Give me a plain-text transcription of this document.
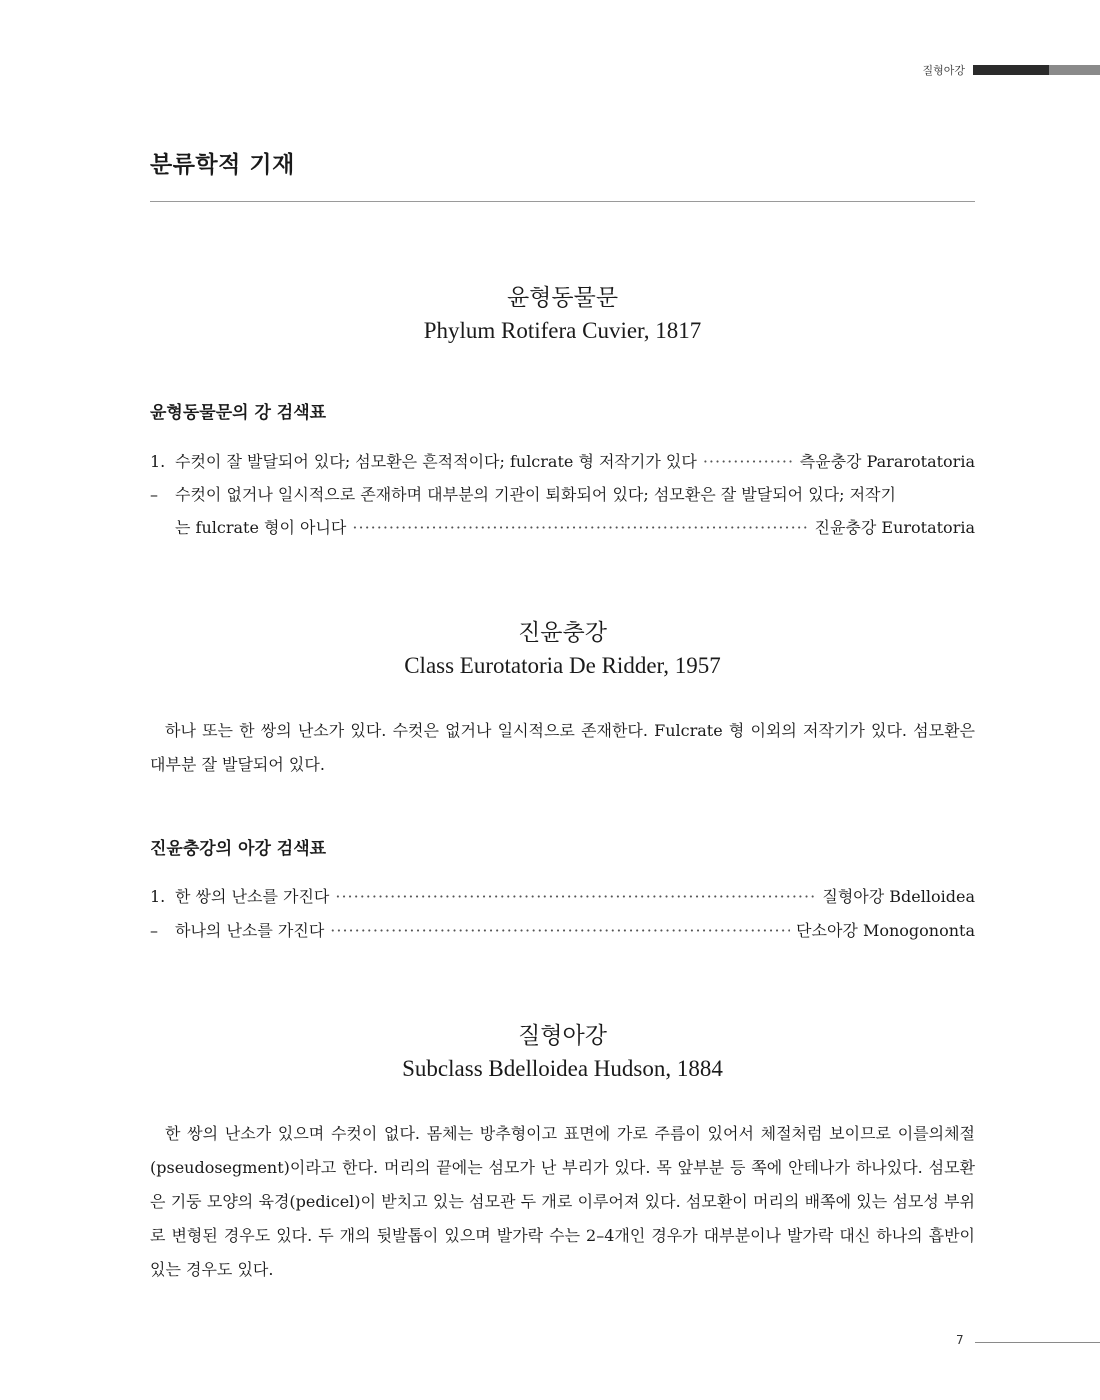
질형아강
분류학적 기재
윤형동물문
Phylum Rotifera Cuvier, 1817
윤형동물문의 강 검색표
1. 수컷이 잘 발달되어 있다; 섬모환은 흔적적이다; fulcrate 형 저작기가 있다 ·····	측윤충강 Pararotatoria
–	수컷이 없거나 일시적으로 존재하며 대부분의 기관이 퇴화되어 있다; 섬모환은 잘 발달되어 있다; 저작기
는 fulcrate 형이 아니다 ·····	진윤충강 Eurotatoria
진윤충강
Class Eurotatoria De Ridder, 1957

하나 또는 한 쌍의 난소가 있다. 수컷은 없거나 일시적으로 존재한다. Fulcrate 형 이외의 저작기가 있다. 섬모환은 대부분 잘 발달되어 있다.

진윤충강의 아강 검색표
1. 한 쌍의 난소를 가진다 ·····	질형아강 Bdelloidea
–	하나의 난소를 가진다 ·····	단소아강 Monogononta
질형아강
Subclass Bdelloidea Hudson, 1884

한 쌍의 난소가 있으며 수컷이 없다. 몸체는 방추형이고 표면에 가로 주름이 있어서 체절처럼 보이므로 이를의체절(pseudosegment)이라고 한다. 머리의 끝에는 섬모가 난 부리가 있다. 목 앞부분 등 쪽에 안테나가 하나있다. 섬모환은 기둥 모양의 육경(pedicel)이 받치고 있는 섬모관 두 개로 이루어져 있다. 섬모환이 머리의 배쪽에 있는 섬모성 부위로 변형된 경우도 있다. 두 개의 뒷발톱이 있으며 발가락 수는 2–4개인 경우가 대부분이나 발가락 대신 하나의 흡반이 있는 경우도 있다.

7
